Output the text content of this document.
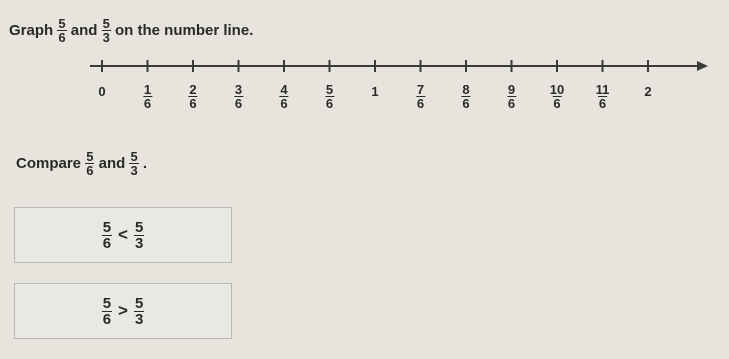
Graph $\frac{5}{6}$ and $\frac{5}{3}$ on the number line.
0	$\frac{1}{6}$	$\frac{2}{6}$	$\frac{3}{6}$	$\frac{4}{6}$	$\frac{5}{6}$	1	$\frac{7}{6}$	$\frac{8}{6}$	$\frac{9}{6}$	$\frac{10}{6} \frac{11}{6}$	2
Compare $\frac{5}{6}$ and $\frac{5}{3}$ .
$\frac{5}{6} < \frac{5}{3}$
$\frac{5}{6} > \frac{5}{3}$
